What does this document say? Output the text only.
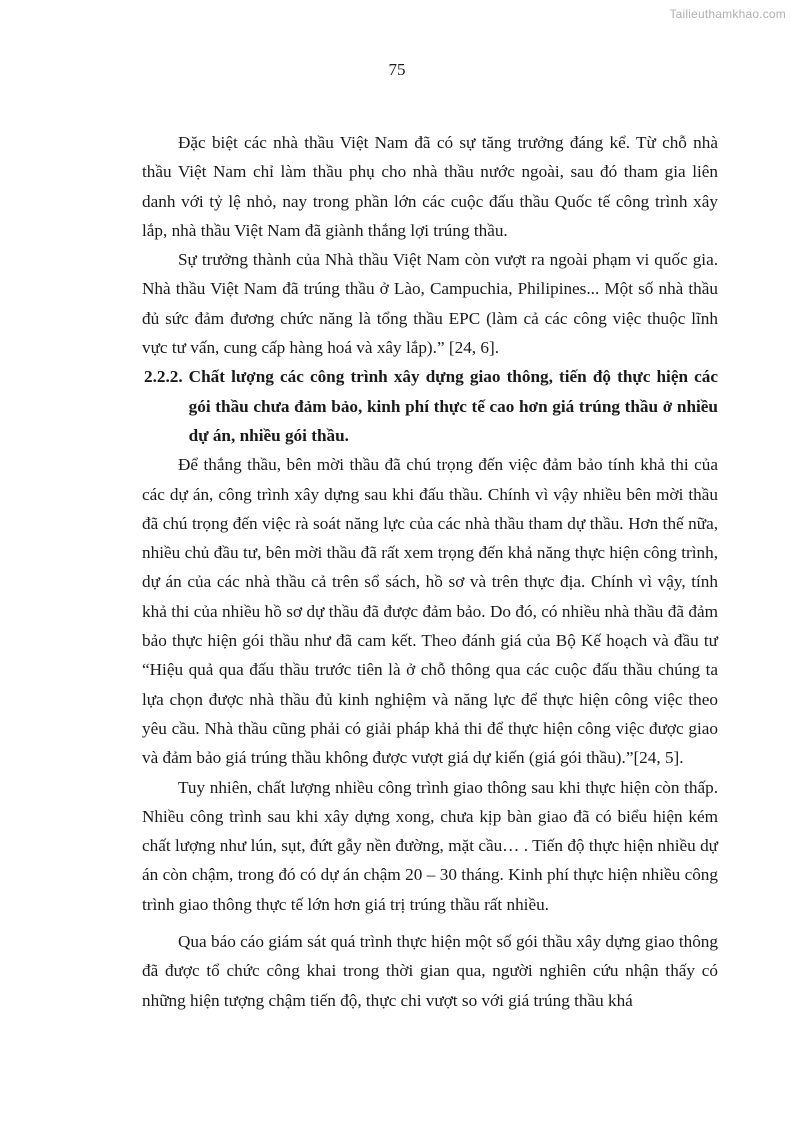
Tailieuthamkhao.com
75

Đặc biệt các nhà thầu Việt Nam đã có sự tăng trưởng đáng kể. Từ chỗ nhà thầu Việt Nam chỉ làm thầu phụ cho nhà thầu nước ngoài, sau đó tham gia liên danh với tỷ lệ nhỏ, nay trong phần lớn các cuộc đấu thầu Quốc tế công trình xây lắp, nhà thầu Việt Nam đã giành thắng lợi trúng thầu.

Sự trưởng thành của Nhà thầu Việt Nam còn vượt ra ngoài phạm vi quốc gia. Nhà thầu Việt Nam đã trúng thầu ở Lào, Campuchia, Philipines... Một số nhà thầu đủ sức đảm đương chức năng là tổng thầu EPC (làm cả các công việc thuộc lĩnh vực tư vấn, cung cấp hàng hoá và xây lắp).” [24, 6].

2.2.2. Chất lượng các công trình xây dựng giao thông, tiến độ thực hiện các gói thầu chưa đảm bảo, kinh phí thực tế cao hơn giá trúng thầu ở nhiều dự án, nhiều gói thầu.

Để thắng thầu, bên mời thầu đã chú trọng đến việc đảm bảo tính khả thi của các dự án, công trình xây dựng sau khi đấu thầu. Chính vì vậy nhiều bên mời thầu đã chú trọng đến việc rà soát năng lực của các nhà thầu tham dự thầu. Hơn thế nữa, nhiều chủ đầu tư, bên mời thầu đã rất xem trọng đến khả năng thực hiện công trình, dự án của các nhà thầu cả trên sổ sách, hồ sơ và trên thực địa. Chính vì vậy, tính khả thi của nhiều hồ sơ dự thầu đã được đảm bảo. Do đó, có nhiều nhà thầu đã đảm bảo thực hiện gói thầu như đã cam kết. Theo đánh giá của Bộ Kế hoạch và đầu tư “Hiệu quả qua đấu thầu trước tiên là ở chỗ thông qua các cuộc đấu thầu chúng ta lựa chọn được nhà thầu đủ kinh nghiệm và năng lực để thực hiện công việc theo yêu cầu. Nhà thầu cũng phải có giải pháp khả thi để thực hiện công việc được giao và đảm bảo giá trúng thầu không được vượt giá dự kiến (giá gói thầu).”[24, 5].

Tuy nhiên, chất lượng nhiều công trình giao thông sau khi thực hiện còn thấp. Nhiều công trình sau khi xây dựng xong, chưa kịp bàn giao đã có biểu hiện kém chất lượng như lún, sụt, đứt gẫy nền đường, mặt cầu… . Tiến độ thực hiện nhiều dự án còn chậm, trong đó có dự án chậm 20 – 30 tháng. Kinh phí thực hiện nhiều công trình giao thông thực tế lớn hơn giá trị trúng thầu rất nhiều.

Qua báo cáo giám sát quá trình thực hiện một số gói thầu xây dựng giao thông đã được tổ chức công khai trong thời gian qua, người nghiên cứu nhận thấy có những hiện tượng chậm tiến độ, thực chi vượt so với giá trúng thầu khá
